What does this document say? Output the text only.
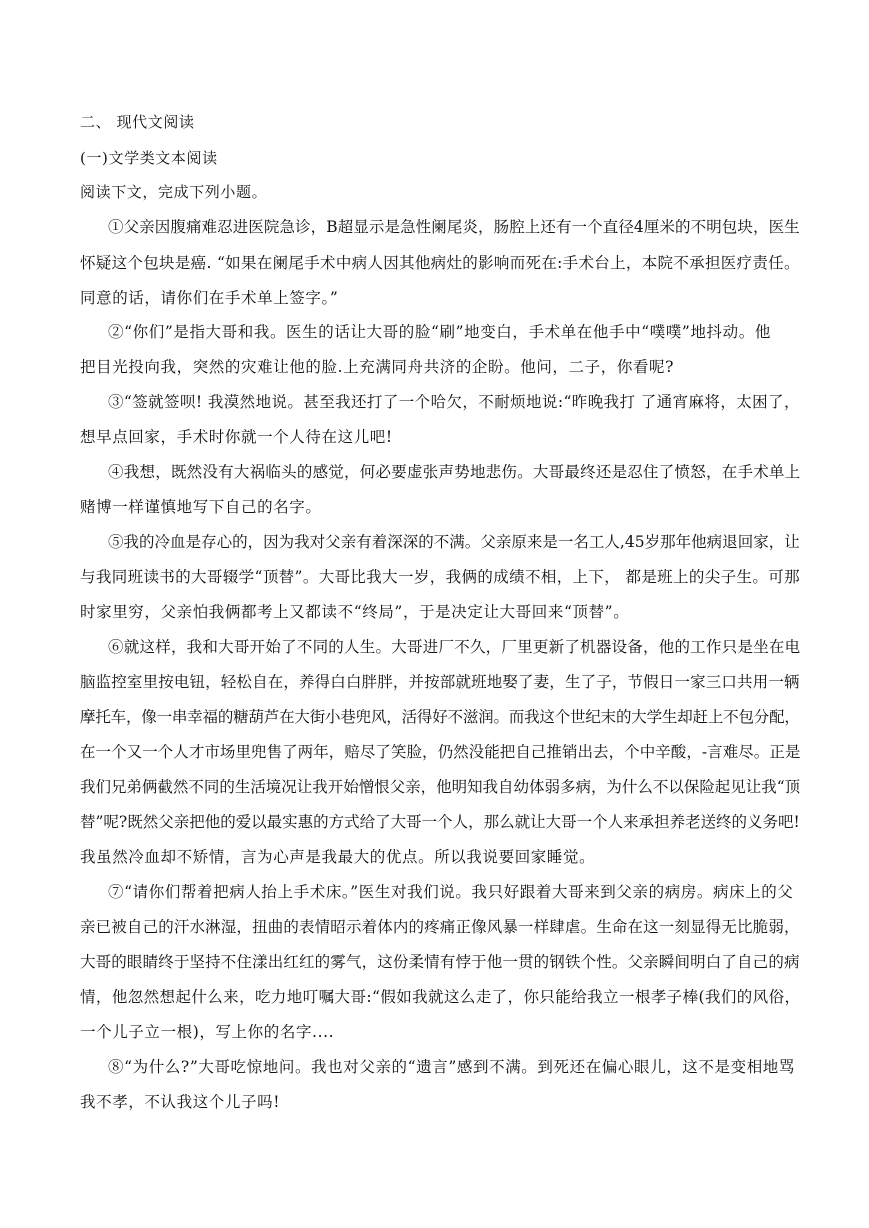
二、 现代文阅读
(一)文学类文本阅读
阅读下文，完成下列小题。
①父亲因腹痛难忍进医院急诊，B超显示是急性阑尾炎，肠腔上还有一个直径4厘米的不明包块，医生
怀疑这个包块是癌. “如果在阑尾手术中病人因其他病灶的影响而死在:手术台上，本院不承担医疗责任。
同意的话，请你们在手术单上签字。”
②“你们”是指大哥和我。医生的话让大哥的脸“刷”地变白，手术单在他手中“噗噗”地抖动。他
把目光投向我，突然的灾难让他的脸.上充满同舟共济的企盼。他问，二子，你看呢?
③“签就签呗! 我漠然地说。甚至我还打了一个哈欠，不耐烦地说:“昨晚我打 了通宵麻将，太困了，
想早点回家，手术时你就一个人待在这儿吧!
④我想，既然没有大祸临头的感觉，何必要虚张声势地悲伤。大哥最终还是忍住了愤怒，在手术单上
赌博一样谨慎地写下自己的名字。
⑤我的冷血是存心的，因为我对父亲有着深深的不满。父亲原来是一名工人,45岁那年他病退回家，让
与我同班读书的大哥辍学“顶替”。大哥比我大一岁，我俩的成绩不相，上下， 都是班上的尖子生。可那
时家里穷，父亲怕我俩都考上又都读不“终局”，于是决定让大哥回来“顶替”。
⑥就这样，我和大哥开始了不同的人生。大哥进厂不久，厂里更新了机器设备，他的工作只是坐在电
脑监控室里按电钮，轻松自在，养得白白胖胖，并按部就班地娶了妻，生了子，节假日一家三口共用一辆
摩托车，像一串幸福的糖葫芦在大街小巷兜风，活得好不滋润。而我这个世纪末的大学生却赶上不包分配，
在一个又一个人才市场里兜售了两年，赔尽了笑脸，仍然没能把自己推销出去，个中辛酸，-言难尽。正是
我们兄弟俩截然不同的生活境况让我开始憎恨父亲，他明知我自幼体弱多病，为什么不以保险起见让我“顶
替”呢?既然父亲把他的爱以最实惠的方式给了大哥一个人，那么就让大哥一个人来承担养老送终的义务吧!
我虽然冷血却不矫情，言为心声是我最大的优点。所以我说要回家睡觉。
⑦“请你们帮着把病人抬上手术床。”医生对我们说。我只好跟着大哥来到父亲的病房。病床上的父
亲已被自己的汗水淋湿，扭曲的表情昭示着体内的疼痛正像风暴一样肆虐。生命在这一刻显得无比脆弱，
大哥的眼睛终于坚持不住漾出红红的雾气，这份柔情有悖于他一贯的钢铁个性。父亲瞬间明白了自己的病
情，他忽然想起什么来，吃力地叮嘱大哥:“假如我就这么走了，你只能给我立一根孝子棒(我们的风俗，
一个儿子立一根)，写上你的名字....
⑧“为什么?”大哥吃惊地问。我也对父亲的“遗言”感到不满。到死还在偏心眼儿，这不是变相地骂
我不孝，不认我这个儿子吗!
